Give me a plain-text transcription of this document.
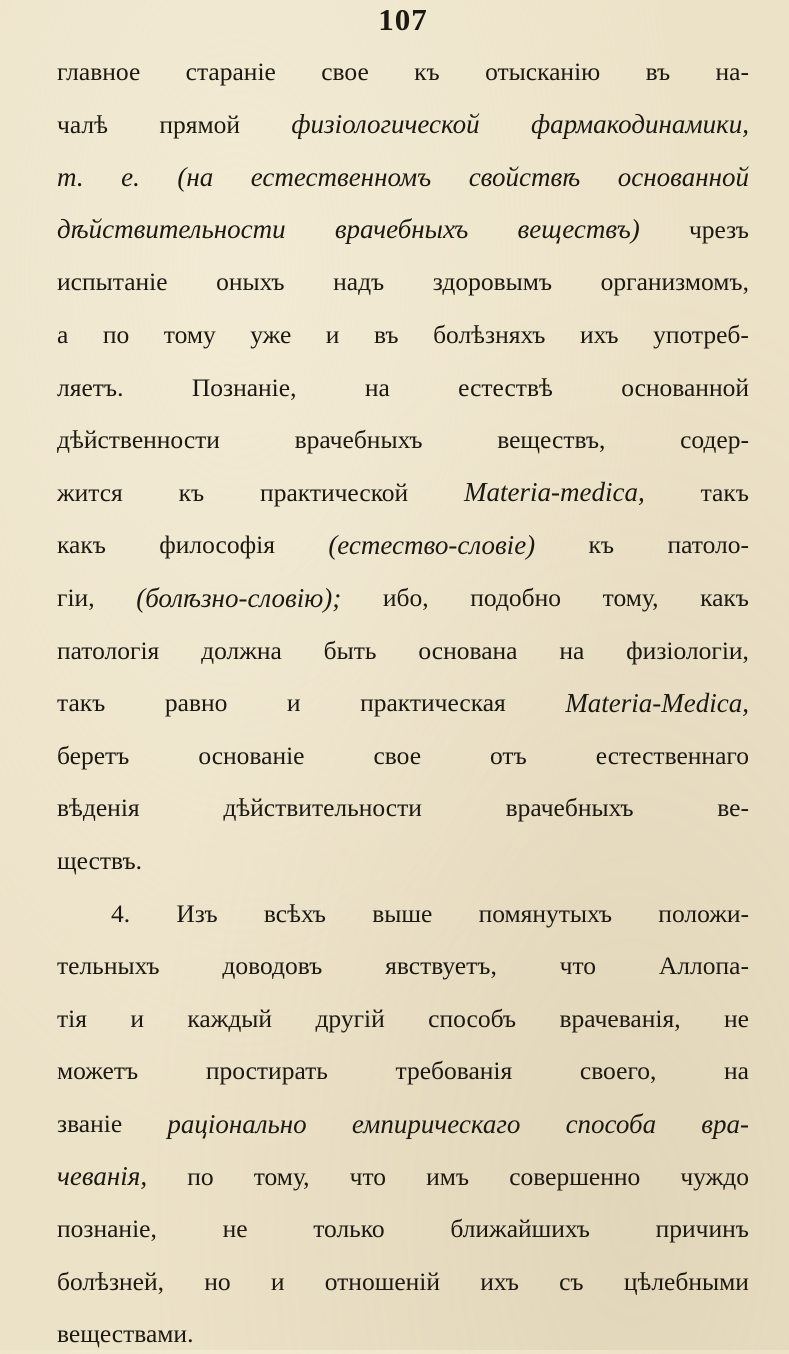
107
главное стараніе свое къ отысканію въ на-
чалѣ прямой физіологической фармакодинамики,
т. е. (на естественномъ свойствѣ основанной
дѣйствительности врачебныхъ веществъ) чрезъ
испытаніе оныхъ надъ здоровымъ организмомъ,
а по тому уже и въ болѣзняхъ ихъ употреб-
ляетъ.	Познаніе,	на	естествѣ	основанной
дѣйственности	врачебныхъ	веществъ,	содер-
жится къ практической Materia-medica, такъ
какъ философія (естество-словіе) къ патоло-
гіи, (болѣзно-словію); ибо, подобно тому, какъ
патологія должна быть основана на физіологіи,
такъ равно и практическая Materia-Medica,
беретъ	основаніе	свое	отъ	естественнаго
вѣденія	дѣйствительности	врачебныхъ	ве-
ществъ.
4. Изъ всѣхъ выше помянутыхъ положи-
тельныхъ доводовъ явствуетъ, что Аллопа-
тія и каждый другій способъ врачеванія, не
можетъ	простирать	требованія	своего,	на
званіе раціонально емпирическаго способа вра-
чеванія, по тому, что имъ совершенно чуждо
познаніе,	не	только	ближайшихъ	причинъ
болѣзней, но и отношеній ихъ съ цѣлебными
веществами.
